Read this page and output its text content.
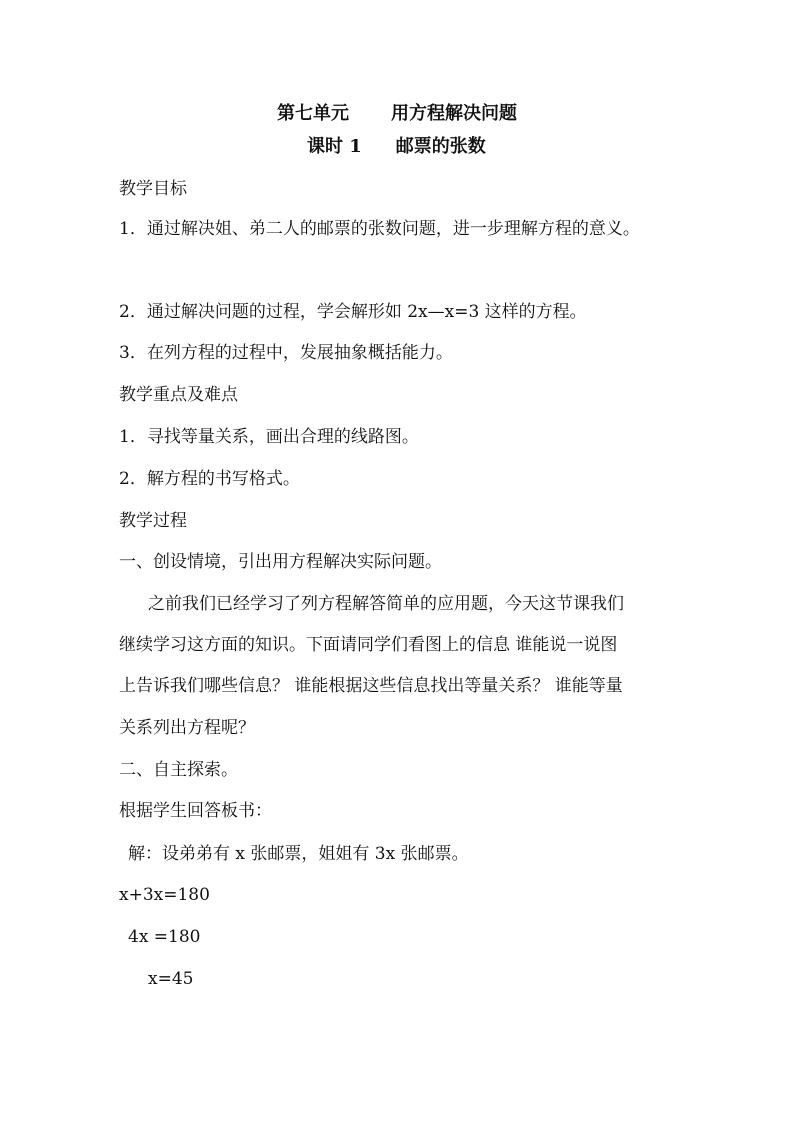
第七单元 用方程解决问题
课时 1 邮票的张数
教学目标
1．通过解决姐、弟二人的邮票的张数问题，进一步理解方程的意义。
2．通过解决问题的过程，学会解形如 2x—x=3 这样的方程。
3．在列方程的过程中，发展抽象概括能力。
教学重点及难点
1．寻找等量关系，画出合理的线路图。
2．解方程的书写格式。
教学过程
一、创设情境，引出用方程解决实际问题。
之前我们已经学习了列方程解答简单的应用题，今天这节课我们
继续学习这方面的知识。下面请同学们看图上的信息 谁能说一说图
上告诉我们哪些信息？ 谁能根据这些信息找出等量关系？ 谁能等量
关系列出方程呢？
二、自主探索。
根据学生回答板书：
解：设弟弟有 x 张邮票，姐姐有 3x 张邮票。
x+3x=180
4x =180
x=45
